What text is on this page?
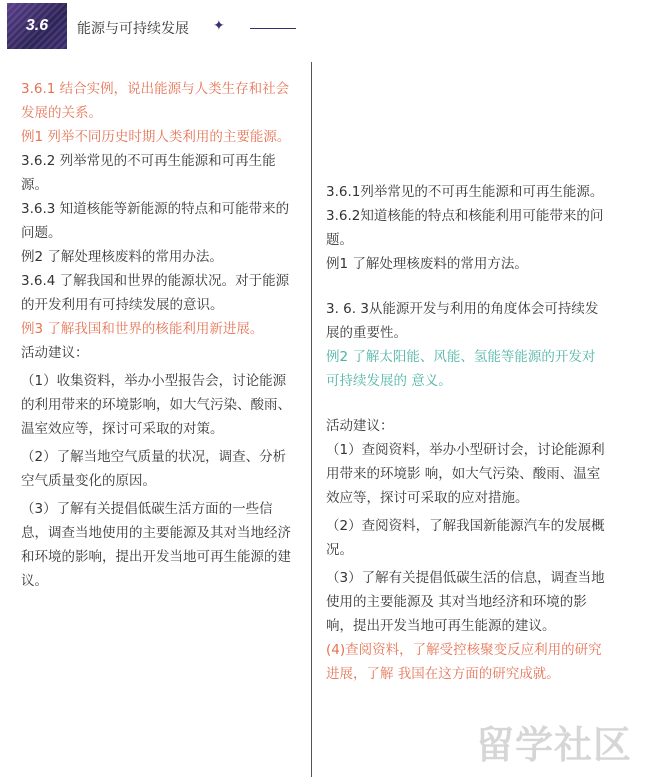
3.6	能源与可持续发展 ✦

3.6.1 结合实例，说出能源与人类生存和社会发展的关系。

例1 列举不同历史时期人类利用的主要能源。

3.6.2 列举常见的不可再生能源和可再生能源。

3.6.3 知道核能等新能源的特点和可能带来的问题。

例2 了解处理核废料的常用办法。

3.6.4 了解我国和世界的能源状况。对于能源的开发利用有可持续发展的意识。

例3 了解我国和世界的核能利用新进展。

活动建议：

（1）收集资料，举办小型报告会，讨论能源的利用带来的环境影响，如大气污染、酸雨、温室效应等，探讨可采取的对策。

（2）了解当地空气质量的状况，调查、分析空气质量变化的原因。

（3）了解有关提倡低碳生活方面的一些信息，调查当地使用的主要能源及其对当地经济和环境的影响，提出开发当地可再生能源的建议。

3.6.1列举常见的不可再生能源和可再生能源。

3.6.2知道核能的特点和核能利用可能带来的问题。

例1 了解处理核废料的常用方法。

3. 6. 3从能源开发与利用的角度体会可持续发展的重要性。

例2 了解太阳能、风能、氢能等能源的开发对可持续发展的 意义。

活动建议：

（1）查阅资料，举办小型研讨会，讨论能源利用带来的环境影 响，如大气污染、酸雨、温室效应等，探讨可采取的应对措施。

（2）查阅资料，了解我国新能源汽车的发展概况。

（3）了解有关提倡低碳生活的信息，调查当地使用的主要能源及 其对当地经济和环境的影响，提出开发当地可再生能源的建议。

(4)查阅资料，了解受控核聚变反应利用的研究进展，了解 我国在这方面的研究成就。

留学社区
